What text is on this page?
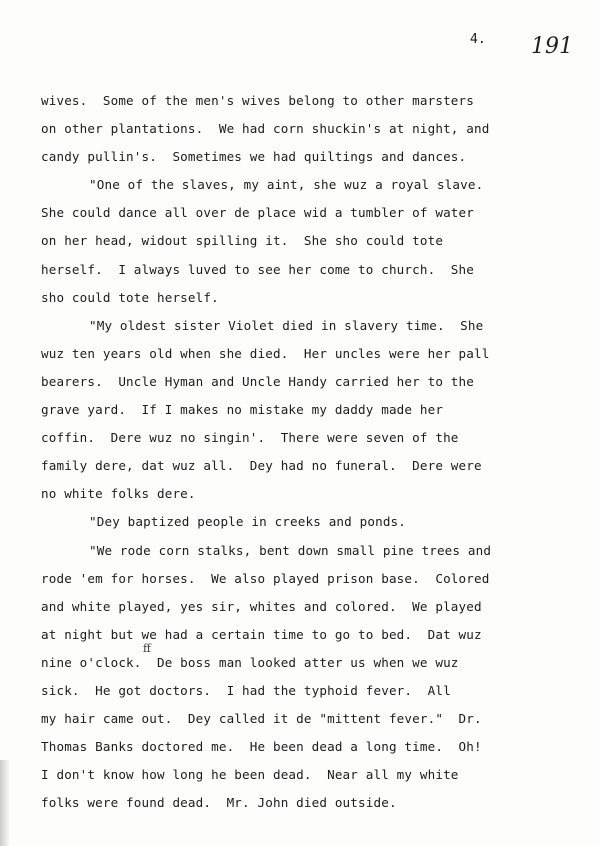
4. 191
wives.  Some of the men's wives belong to other marsters
on other plantations.  We had corn shuckin's at night, and
candy pullin's.  Sometimes we had quiltings and dances.
"One of the slaves, my aint, she wuz a royal slave.
She could dance all over de place wid a tumbler of water
on her head, widout spilling it.  She sho could tote
herself.  I always luved to see her come to church.  She
sho could tote herself.
"My oldest sister Violet died in slavery time.  She
wuz ten years old when she died.  Her uncles were her pall
bearers.  Uncle Hyman and Uncle Handy carried her to the
grave yard.  If I makes no mistake my daddy made her
coffin.  Dere wuz no singin'.  There were seven of the
family dere, dat wuz all.  Dey had no funeral.  Dere were
no white folks dere.
"Dey baptized people in creeks and ponds.
"We rode corn stalks, bent down small pine trees and
rode 'em for horses.  We also played prison base.  Colored
and white played, yes sir, whites and colored.  We played
at night but we had a certain time to go to bed.  Dat wuz
nine o'clock.  De boss man looked atter us when we wuz
sick.  He got doctors.  I had the typhoid fever.  All
my hair came out.  Dey called it de "mittent fever."  Dr.
Thomas Banks doctored me.  He been dead a long time.  Oh!
I don't know how long he been dead.  Near all my white
folks were found dead.  Mr. John died outside.
ff
